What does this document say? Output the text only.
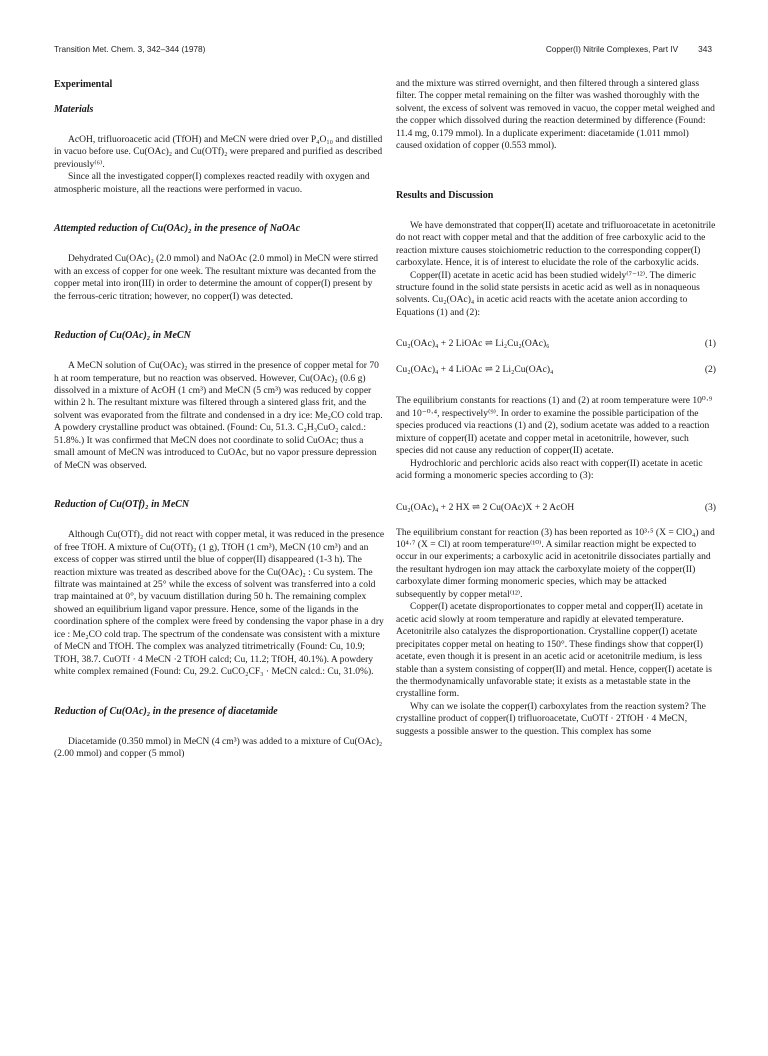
Transition Met. Chem. 3, 342–344 (1978)	Copper(I) Nitrile Complexes, Part IV 343
Experimental
Materials

AcOH, trifluoroacetic acid (TfOH) and MeCN were dried over P₄O₁₀ and distilled in vacuo before use. Cu(OAc)₂ and Cu(OTf)₂ were prepared and purified as described previously⁽⁶⁾.

Since all the investigated copper(I) complexes reacted readily with oxygen and atmospheric moisture, all the reactions were performed in vacuo.

Attempted reduction of Cu(OAc)₂ in the presence of NaOAc

Dehydrated Cu(OAc)₂ (2.0 mmol) and NaOAc (2.0 mmol) in MeCN were stirred with an excess of copper for one week. The resultant mixture was decanted from the copper metal into iron(III) in order to determine the amount of copper(I) present by the ferrous-ceric titration; however, no copper(I) was detected.

Reduction of Cu(OAc)₂ in MeCN

A MeCN solution of Cu(OAc)₂ was stirred in the presence of copper metal for 70 h at room temperature, but no reaction was observed. However, Cu(OAc)₂ (0.6 g) dissolved in a mixture of AcOH (1 cm³) and MeCN (5 cm³) was reduced by copper within 2 h. The resultant mixture was filtered through a sintered glass frit, and the solvent was evaporated from the filtrate and condensed in a dry ice: Me₂CO cold trap. A powdery crystalline product was obtained. (Found: Cu, 51.3. C₂H₃CuO₂ calcd.: 51.8%.) It was confirmed that MeCN does not coordinate to solid CuOAc; thus a small amount of MeCN was introduced to CuOAc, but no vapor pressure depression of MeCN was observed.

Reduction of Cu(OTf)₂ in MeCN

Although Cu(OTf)₂ did not react with copper metal, it was reduced in the presence of free TfOH. A mixture of Cu(OTf)₂ (1 g), TfOH (1 cm³), MeCN (10 cm³) and an excess of copper was stirred until the blue of copper(II) disappeared (1-3 h). The reaction mixture was treated as described above for the Cu(OAc)₂ : Cu system. The filtrate was maintained at 25° while the excess of solvent was transferred into a cold trap maintained at 0°, by vacuum distillation during 50 h. The remaining complex showed an equilibrium ligand vapor pressure. Hence, some of the ligands in the coordination sphere of the complex were freed by condensing the vapor phase in a dry ice : Me₂CO cold trap. The spectrum of the condensate was consistent with a mixture of MeCN and TfOH. The complex was analyzed titrimetrically (Found: Cu, 10.9; TfOH, 38.7. CuOTf · 4 MeCN ·2 TfOH calcd; Cu, 11.2; TfOH, 40.1%). A powdery white complex remained (Found: Cu, 29.2. CuCO₂CF₃ · MeCN calcd.: Cu, 31.0%).

Reduction of Cu(OAc)₂ in the presence of diacetamide

Diacetamide (0.350 mmol) in MeCN (4 cm³) was added to a mixture of Cu(OAc)₂ (2.00 mmol) and copper (5 mmol)

and the mixture was stirred overnight, and then filtered through a sintered glass filter. The copper metal remaining on the filter was washed thoroughly with the solvent, the excess of solvent was removed in vacuo, the copper metal weighed and the copper which dissolved during the reaction determined by difference (Found: 11.4 mg, 0.179 mmol). In a duplicate experiment: diacetamide (1.011 mmol) caused oxidation of copper (0.553 mmol).

Results and Discussion

We have demonstrated that copper(II) acetate and trifluoroacetate in acetonitrile do not react with copper metal and that the addition of free carboxylic acid to the reaction mixture causes stoichiometric reduction to the corresponding copper(I) carboxylate. Hence, it is of interest to elucidate the role of the carboxylic acids.

Copper(II) acetate in acetic acid has been studied widely⁽⁷⁻¹²⁾. The dimeric structure found in the solid state persists in acetic acid as well as in nonaqueous solvents. Cu₂(OAc)₄ in acetic acid reacts with the acetate anion according to Equations (1) and (2):

Cu₂(OAc)₄ + 2 LiOAc ⇌ Li₂Cu₂(OAc)₆	(1)
Cu₂(OAc)₄ + 4 LiOAc ⇌ 2 Li₂Cu(OAc)₄	(2)

The equilibrium constants for reactions (1) and (2) at room temperature were 10⁰·⁹ and 10⁻⁰·⁴, respectively⁽⁹⁾. In order to examine the possible participation of the species produced via reactions (1) and (2), sodium acetate was added to a reaction mixture of copper(II) acetate and copper metal in acetonitrile, however, such species did not cause any reduction of copper(II) acetate.

Hydrochloric and perchloric acids also react with copper(II) acetate in acetic acid forming a monomeric species according to (3):

Cu₂(OAc)₄ + 2 HX ⇌ 2 Cu(OAc)X + 2 AcOH	(3)

The equilibrium constant for reaction (3) has been reported as 10³·⁵ (X = ClO₄) and 10⁴·⁷ (X = Cl) at room temperature⁽¹⁰⁾. A similar reaction might be expected to occur in our experiments; a carboxylic acid in acetonitrile dissociates partially and the resultant hydrogen ion may attack the carboxylate moiety of the copper(II) carboxylate dimer forming monomeric species, which may be attacked subsequently by copper metal⁽¹²⁾.

Copper(I) acetate disproportionates to copper metal and copper(II) acetate in acetic acid slowly at room temperature and rapidly at elevated temperature. Acetonitrile also catalyzes the disproportionation. Crystalline copper(I) acetate precipitates copper metal on heating to 150°. These findings show that copper(I) acetate, even though it is present in an acetic acid or acetonitrile medium, is less stable than a system consisting of copper(II) and metal. Hence, copper(I) acetate is the thermodynamically unfavorable state; it exists as a metastable state in the crystalline form.

Why can we isolate the copper(I) carboxylates from the reaction system? The crystalline product of copper(I) trifluoroacetate, CuOTf · 2TfOH · 4 MeCN, suggests a possible answer to the question. This complex has some
